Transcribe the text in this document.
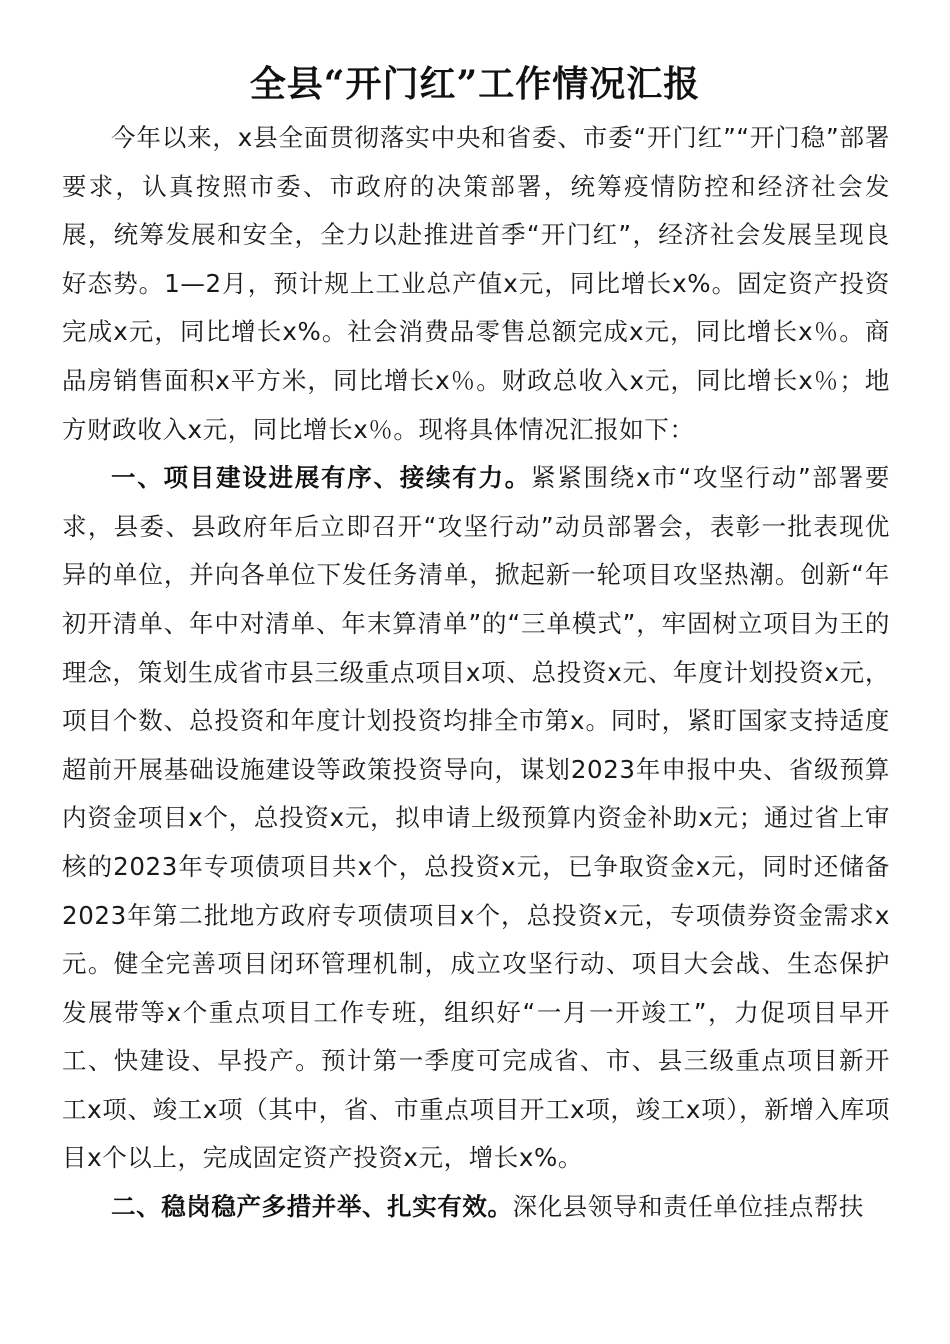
全县“开门红”工作情况汇报

今年以来，x县全面贯彻落实中央和省委、市委“开门红”“开门稳”部署要求，认真按照市委、市政府的决策部署，统筹疫情防控和经济社会发展，统筹发展和安全，全力以赴推进首季“开门红”，经济社会发展呈现良好态势。1—2月，预计规上工业总产值x元，同比增长x%。固定资产投资完成x元，同比增长x%。社会消费品零售总额完成x元，同比增长x％。商品房销售面积x平方米，同比增长x％。财政总收入x元，同比增长x％；地方财政收入x元，同比增长x％。现将具体情况汇报如下：

一、项目建设进展有序、接续有力。紧紧围绕x市“攻坚行动”部署要求，县委、县政府年后立即召开“攻坚行动”动员部署会，表彰一批表现优异的单位，并向各单位下发任务清单，掀起新一轮项目攻坚热潮。创新“年初开清单、年中对清单、年末算清单”的“三单模式”，牢固树立项目为王的理念，策划生成省市县三级重点项目x项、总投资x元、年度计划投资x元，项目个数、总投资和年度计划投资均排全市第x。同时，紧盯国家支持适度超前开展基础设施建设等政策投资导向，谋划2023年申报中央、省级预算内资金项目x个，总投资x元，拟申请上级预算内资金补助x元；通过省上审核的2023年专项债项目共x个，总投资x元，已争取资金x元，同时还储备2023年第二批地方政府专项债项目x个，总投资x元，专项债券资金需求x元。健全完善项目闭环管理机制，成立攻坚行动、项目大会战、生态保护发展带等x个重点项目工作专班，组织好“一月一开竣工”，力促项目早开工、快建设、早投产。预计第一季度可完成省、市、县三级重点项目新开工x项、竣工x项（其中，省、市重点项目开工x项，竣工x项），新增入库项目x个以上，完成固定资产投资x元，增长x%。

二、稳岗稳产多措并举、扎实有效。深化县领导和责任单位挂点帮扶
